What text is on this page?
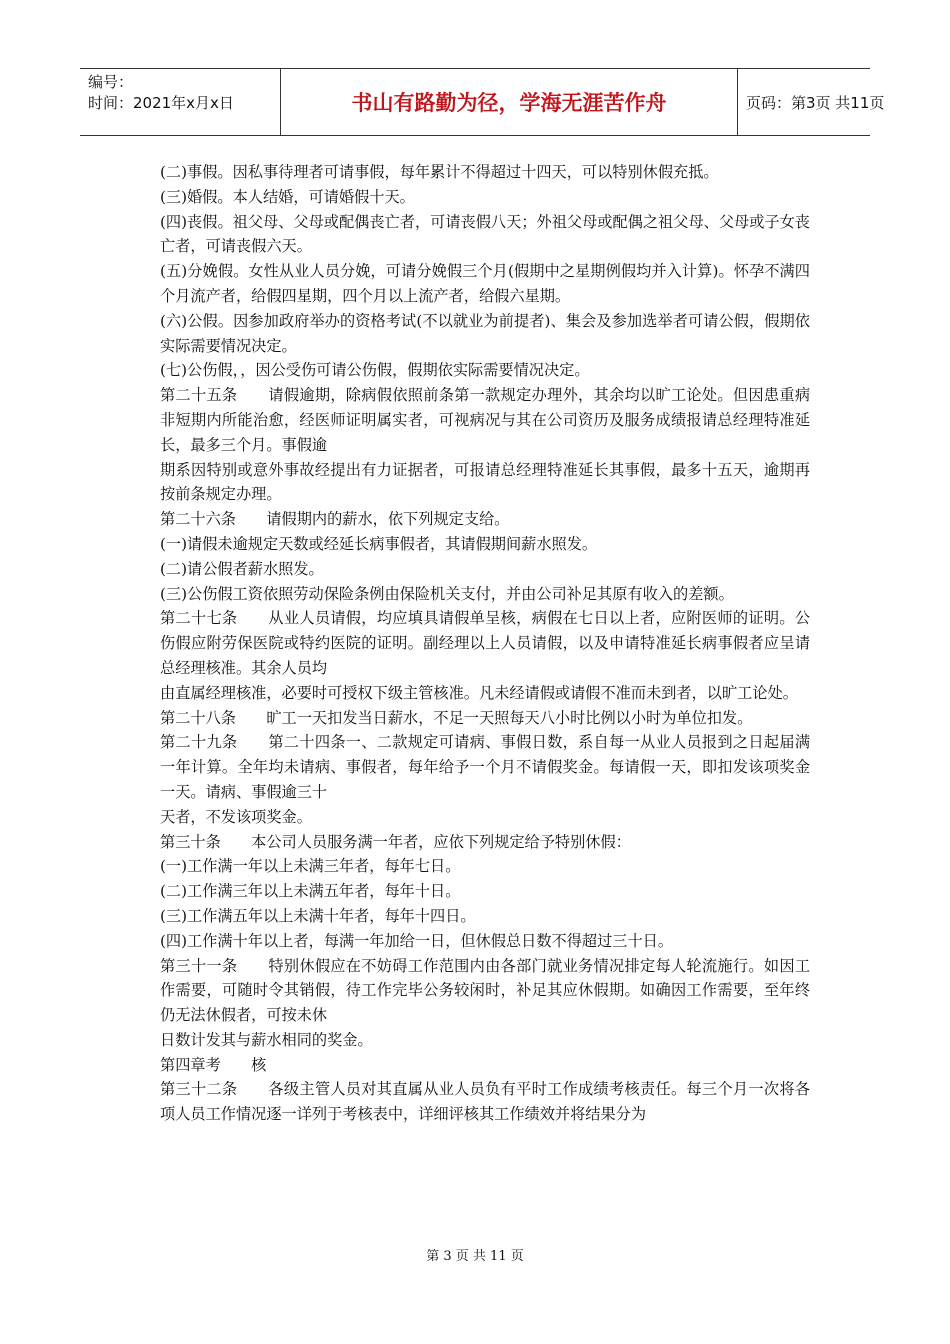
编号：
时间：2021年x月x日	书山有路勤为径，学海无涯苦作舟	页码：第3页 共11页

(二)事假。因私事待理者可请事假，每年累计不得超过十四天，可以特别休假充抵。

(三)婚假。本人结婚，可请婚假十天。

(四)丧假。祖父母、父母或配偶丧亡者，可请丧假八天；外祖父母或配偶之祖父母、父母或子女丧亡者，可请丧假六天。

(五)分娩假。女性从业人员分娩，可请分娩假三个月(假期中之星期例假均并入计算)。怀孕不满四个月流产者，给假四星期，四个月以上流产者，给假六星期。

(六)公假。因参加政府举办的资格考试(不以就业为前提者)、集会及参加选举者可请公假，假期依实际需要情况决定。

(七)公伤假，，因公受伤可请公伤假，假期依实际需要情况决定。

第二十五条　　请假逾期，除病假依照前条第一款规定办理外，其余均以旷工论处。但因患重病非短期内所能治愈，经医师证明属实者，可视病况与其在公司资历及服务成绩报请总经理特准延长，最多三个月。事假逾

期系因特别或意外事故经提出有力证据者，可报请总经理特准延长其事假，最多十五天，逾期再按前条规定办理。

第二十六条　　请假期内的薪水，依下列规定支给。

(一)请假未逾规定天数或经延长病事假者，其请假期间薪水照发。

(二)请公假者薪水照发。

(三)公伤假工资依照劳动保险条例由保险机关支付，并由公司补足其原有收入的差额。

第二十七条　　从业人员请假，均应填具请假单呈核，病假在七日以上者，应附医师的证明。公伤假应附劳保医院或特约医院的证明。副经理以上人员请假，以及申请特准延长病事假者应呈请总经理核准。其余人员均

由直属经理核准，必要时可授权下级主管核准。凡未经请假或请假不准而未到者，以旷工论处。

第二十八条　　旷工一天扣发当日薪水，不足一天照每天八小时比例以小时为单位扣发。

第二十九条　　第二十四条一、二款规定可请病、事假日数，系自每一从业人员报到之日起届满一年计算。全年均未请病、事假者，每年给予一个月不请假奖金。每请假一天，即扣发该项奖金一天。请病、事假逾三十

天者，不发该项奖金。

第三十条　　本公司人员服务满一年者，应依下列规定给予特别休假：

(一)工作满一年以上未满三年者，每年七日。

(二)工作满三年以上未满五年者，每年十日。

(三)工作满五年以上未满十年者，每年十四日。

(四)工作满十年以上者，每满一年加给一日，但休假总日数不得超过三十日。

第三十一条　　特别休假应在不妨碍工作范围内由各部门就业务情况排定每人轮流施行。如因工作需要，可随时令其销假，待工作完毕公务较闲时，补足其应休假期。如确因工作需要，至年终仍无法休假者，可按未休

日数计发其与薪水相同的奖金。

第四章考　　核

第三十二条　　各级主管人员对其直属从业人员负有平时工作成绩考核责任。每三个月一次将各项人员工作情况逐一详列于考核表中，详细评核其工作绩效并将结果分为

第 3 页 共 11 页
